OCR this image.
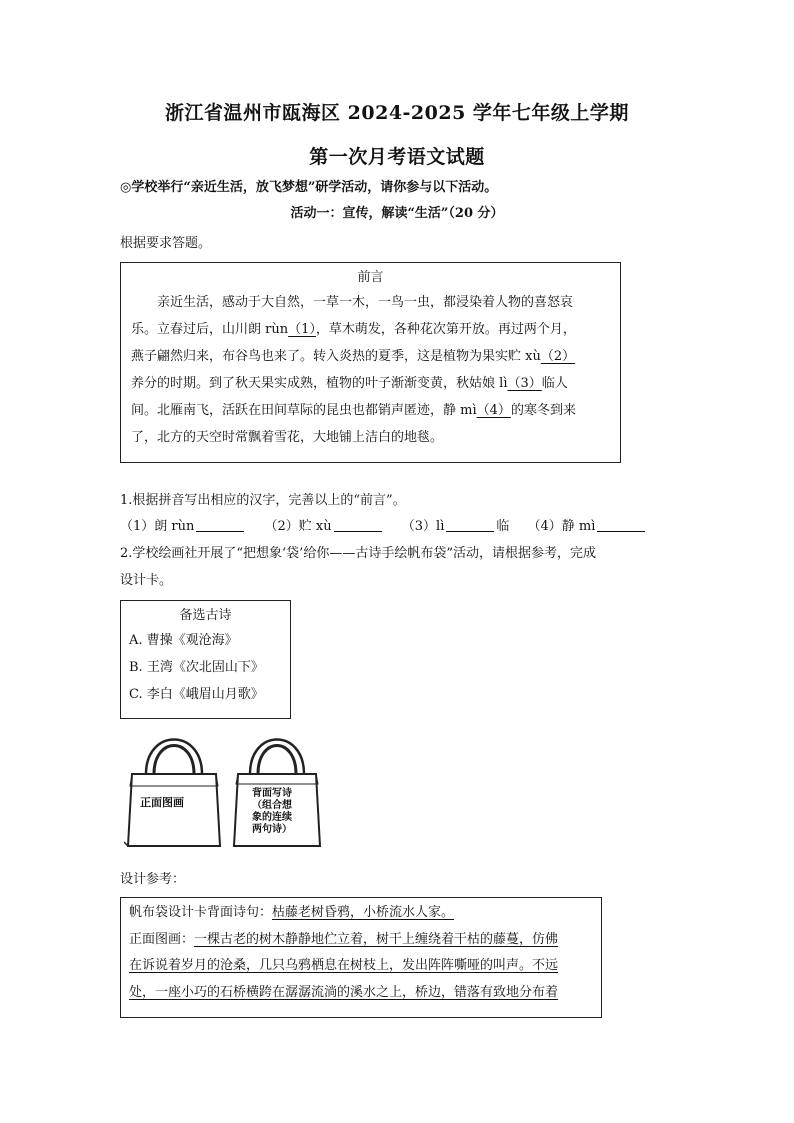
浙江省温州市瓯海区 2024-2025 学年七年级上学期
第一次月考语文试题
◎学校举行“亲近生活，放飞梦想”研学活动，请你参与以下活动。
活动一：宣传，解读“生活”（20 分）
根据要求答题。
前言
亲近生活，感动于大自然，一草一木，一鸟一虫，都浸染着人物的喜怒哀
乐。立春过后，山川朗 rùn（1），草木萌发，各种花次第开放。再过两个月，
燕子翩然归来，布谷鸟也来了。转入炎热的夏季，这是植物为果实贮 xù（2）
养分的时期。到了秋天果实成熟，植物的叶子渐渐变黄，秋姑娘 lì（3）临人
间。北雁南飞，活跃在田间草际的昆虫也都销声匿迹，静 mì（4）的寒冬到来
了，北方的天空时常飘着雪花，大地铺上洁白的地毯。
1.根据拼音写出相应的汉字，完善以上的“前言”。
（1）朗 rùn	（2）贮 xù	（3）lì	临 （4）静 mì
2.学校绘画社开展了“把想象‘袋’给你——古诗手绘帆布袋”活动，请根据参考，完成
设计卡。
备选古诗
A. 曹操《观沧海》
B. 王湾《次北固山下》
C. 李白《峨眉山月歌》
正面图画
背面写诗
（组合想
象的连续
两句诗）
设计参考：
帆布袋设计卡背面诗句：枯藤老树昏鸦，小桥流水人家。
正面图画：一棵古老的树木静静地伫立着，树干上缠绕着干枯的藤蔓，仿佛
在诉说着岁月的沧桑，几只乌鸦栖息在树枝上，发出阵阵嘶哑的叫声。不远
处，一座小巧的石桥横跨在潺潺流淌的溪水之上，桥边，错落有致地分布着
